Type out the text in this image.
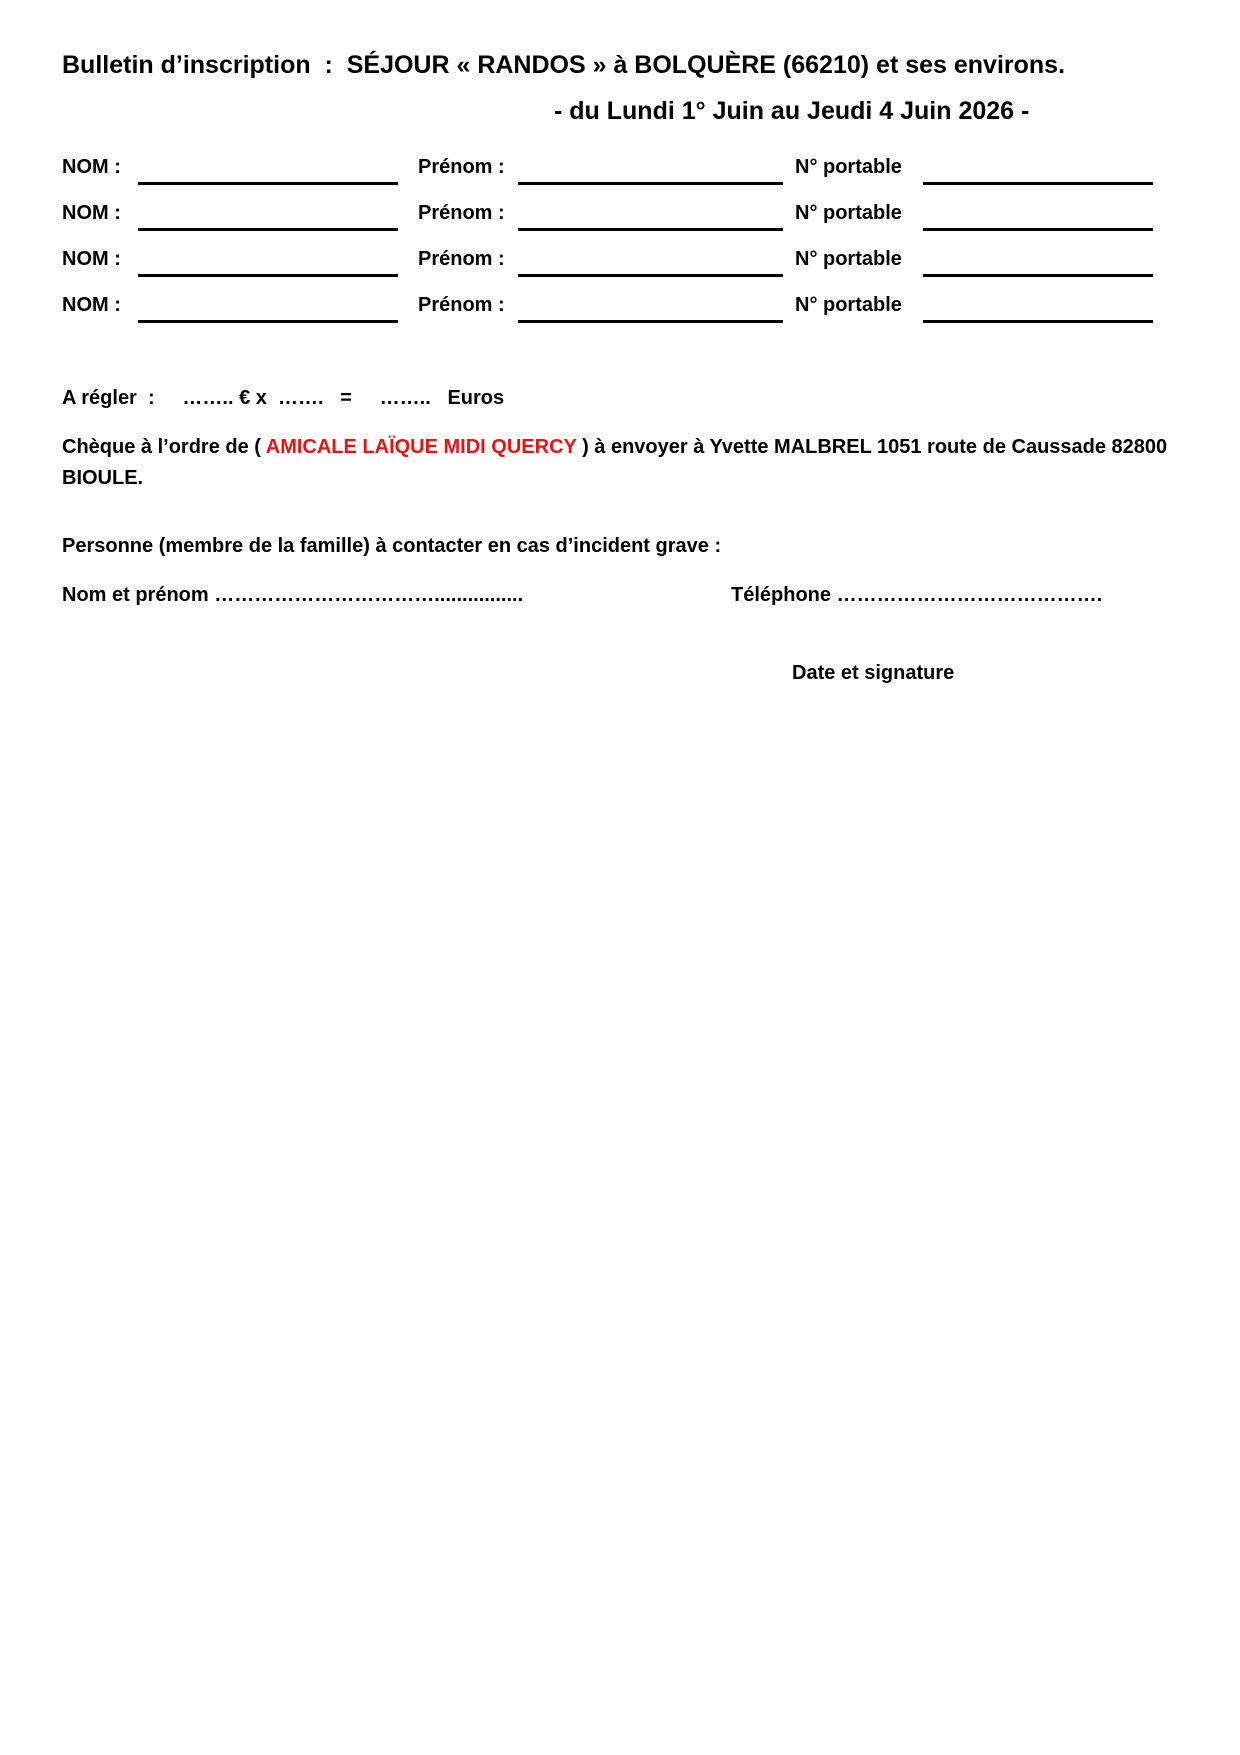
Bulletin d’inscription  :  SÉJOUR « RANDOS » à BOLQUÈRE (66210) et ses environs.
- du Lundi 1° Juin au Jeudi 4 Juin 2026 -
NOM :	Prénom :	N° portable
NOM :	Prénom :	N° portable
NOM :	Prénom :	N° portable
NOM :	Prénom :	N° portable
A régler  :     …….. € x  …….   =     ……..   Euros
Chèque à l’ordre de ( AMICALE LAÏQUE MIDI QUERCY ) à envoyer à Yvette MALBREL 1051 route de Caussade 82800 BIOULE.
Personne (membre de la famille) à contacter en cas d’incident grave :
Nom et prénom ……………………………................	Téléphone ………………………………….
Date et signature
